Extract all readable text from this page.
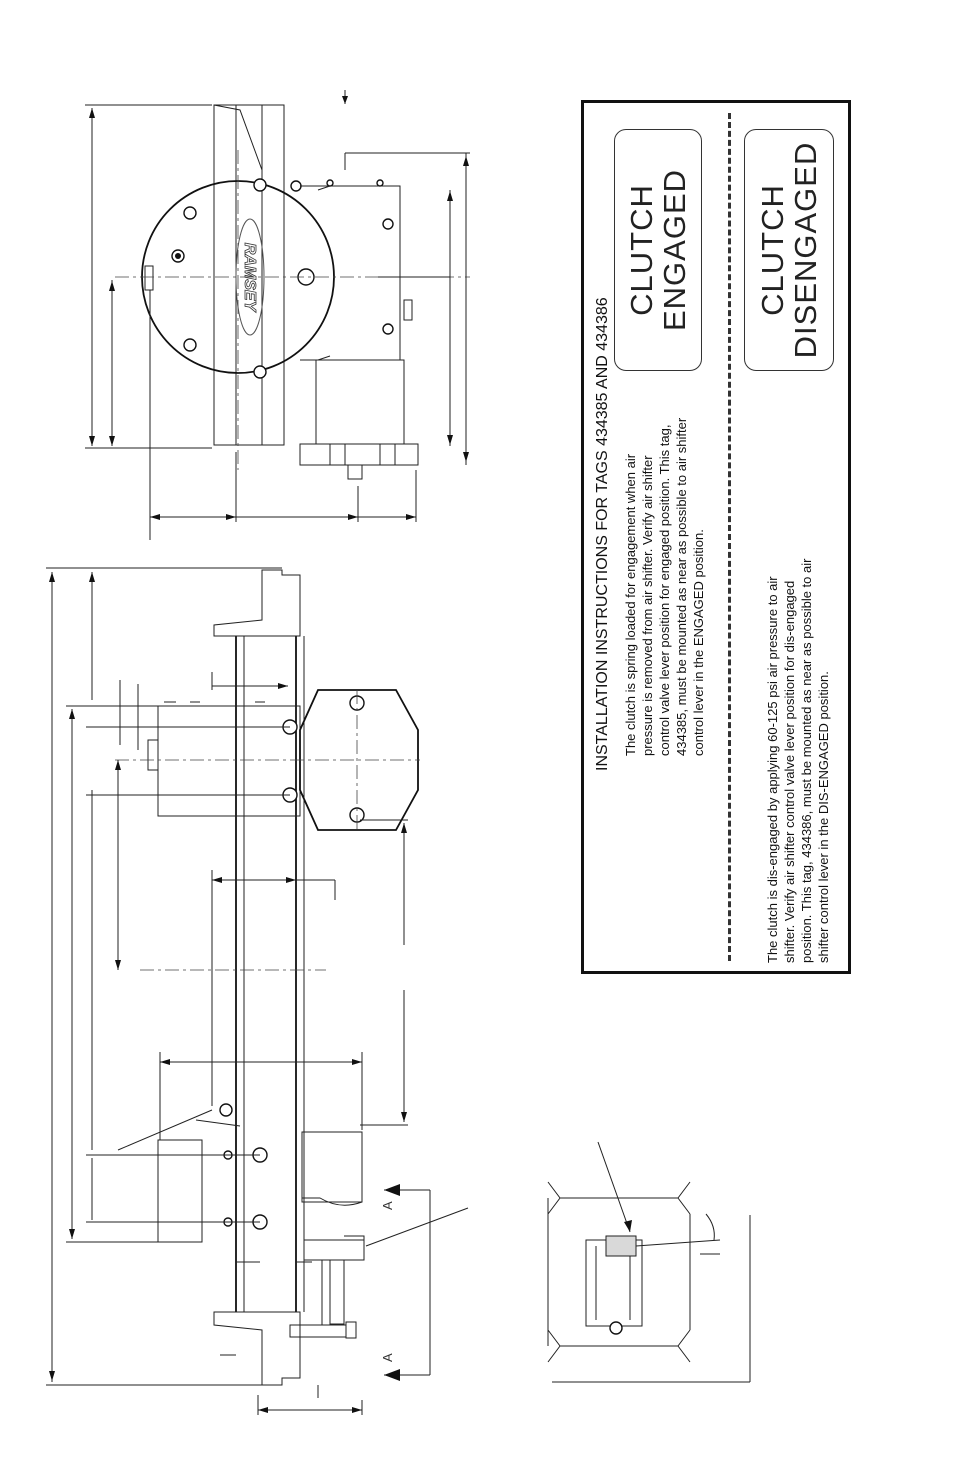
RAMSEY
A
A
INSTALLATION INSTRUCTIONS FOR TAGS 434385 AND 434386 The clutch is spring loaded for engagement when air pressure is removed from air shifter. Verify air shifter control valve lever position for engaged position. This tag, 434385, must be mounted as near as possible to air shifter control lever in the ENGAGED position.	The clutch is dis-engaged by applying 60-125 psi air pressure to air shifter. Verify air shifter control valve lever position for dis-engaged position. This tag, 434386, must be mounted as near as possible to air shifter control lever in the DIS-ENGAGED position.
CLUTCH
ENGAGED CLUTCH
DISENGAGED
